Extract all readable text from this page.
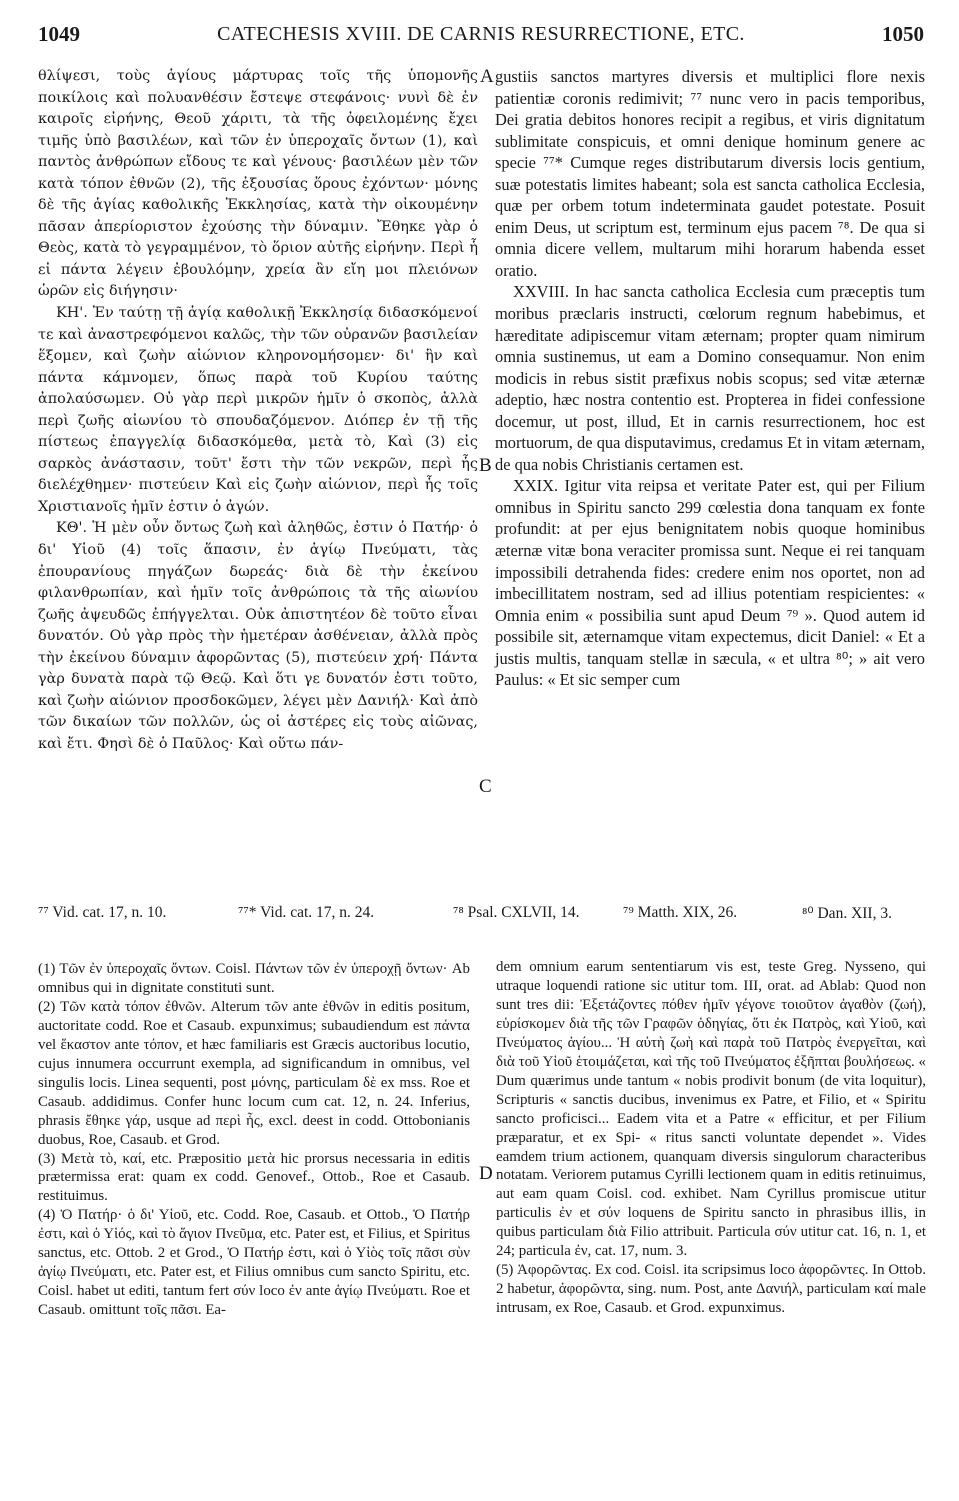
1049	CATECHESIS XVIII. DE CARNIS RESURRECTIONE, ETC.	1050

θλίψεσι, τοὺς ἁγίους μάρτυρας τοῖς τῆς ὑπομονῆς ποικίλοις καὶ πολυανθέσιν ἔστεψε στεφάνοις· νυνὶ δὲ ἐν καιροῖς εἰρήνης, Θεοῦ χάριτι, τὰ τῆς ὀφειλομένης ἔχει τιμῆς ὑπὸ βασιλέων, καὶ τῶν ἐν ὑπεροχαῖς ὄντων (1), καὶ παντὸς ἀνθρώπων εἴδους τε καὶ γένους· βασιλέων μὲν τῶν κατὰ τόπον ἐθνῶν (2), τῆς ἐξουσίας ὅρους ἐχόντων· μόνης δὲ τῆς ἁγίας καθολικῆς Ἐκκλησίας, κατὰ τὴν οἰκουμένην πᾶσαν ἀπερίοριστον ἐχούσης τὴν δύναμιν. Ἔθηκε γὰρ ὁ Θεὸς, κατὰ τὸ γεγραμμένον, τὸ ὅριον αὐτῆς εἰρήνην. Περὶ ἧ εἰ πάντα λέγειν ἐβουλόμην, χρεία ἂν εἴη μοι πλειόνων ὡρῶν εἰς διήγησιν·

ΚΗ'. Ἐν ταύτῃ τῇ ἁγίᾳ καθολικῇ Ἐκκλησίᾳ διδασκόμενοί τε καὶ ἀναστρεφόμενοι καλῶς, τὴν τῶν οὐρανῶν βασιλείαν ἕξομεν, καὶ ζωὴν αἰώνιον κληρονομήσομεν· δι' ἣν καὶ πάντα κάμνομεν, ὅπως παρὰ τοῦ Κυρίου ταύτης ἀπολαύσωμεν. Οὐ γὰρ περὶ μικρῶν ἡμῖν ὁ σκοπὸς, ἀλλὰ περὶ ζωῆς αἰωνίου τὸ σπουδαζόμενον. Διόπερ ἐν τῇ τῆς πίστεως ἐπαγγελίᾳ διδασκόμεθα, μετὰ τὸ, Καὶ (3) εἰς σαρκὸς ἀνάστασιν, τοῦτ' ἔστι τὴν τῶν νεκρῶν, περὶ ἧς διελέχθημεν· πιστεύειν Καὶ εἰς ζωὴν αἰώνιον, περὶ ἧς τοῖς Χριστιανοῖς ἡμῖν ἐστιν ὁ ἀγών.

ΚΘ'. Ἡ μὲν οὖν ὄντως ζωὴ καὶ ἀληθῶς, ἐστιν ὁ Πατήρ· ὁ δι' Υἱοῦ (4) τοῖς ἅπασιν, ἐν ἁγίῳ Πνεύματι, τὰς ἐπουρανίους πηγάζων δωρεάς· διὰ δὲ τὴν ἐκείνου φιλανθρωπίαν, καὶ ἡμῖν τοῖς ἀνθρώποις τὰ τῆς αἰωνίου ζωῆς ἀψευδῶς ἐπήγγελται. Οὐκ ἀπιστητέον δὲ τοῦτο εἶναι δυνατόν. Οὐ γὰρ πρὸς τὴν ἡμετέραν ἀσθένειαν, ἀλλὰ πρὸς τὴν ἐκείνου δύναμιν ἀφορῶντας (5), πιστεύειν χρή· Πάντα γὰρ δυνατὰ παρὰ τῷ Θεῷ. Καὶ ὅτι γε δυνατόν ἐστι τοῦτο, καὶ ζωὴν αἰώνιον προσδοκῶμεν, λέγει μὲν Δανιήλ· Καὶ ἀπὸ τῶν δικαίων τῶν πολλῶν, ὡς οἱ ἀστέρες εἰς τοὺς αἰῶνας, καὶ ἔτι. Φησὶ δὲ ὁ Παῦλος· Καὶ οὕτω πάν-

A
B
C
D

gustiis sanctos martyres diversis et multiplici flore nexis patientiæ coronis redimivit; ⁷⁷ nunc vero in pacis temporibus, Dei gratia debitos honores recipit a regibus, et viris dignitatum sublimitate conspicuis, et omni denique hominum genere ac specie ⁷⁷* Cumque reges distributarum diversis locis gentium, suæ potestatis limites habeant; sola est sancta catholica Ecclesia, quæ per orbem totum indeterminata gaudet potestate. Posuit enim Deus, ut scriptum est, terminum ejus pacem ⁷⁸. De qua si omnia dicere vellem, multarum mihi horarum habenda esset oratio.

XXVIII. In hac sancta catholica Ecclesia cum præceptis tum moribus præclaris instructi, cœlorum regnum habebimus, et hæreditate adipiscemur vitam æternam; propter quam nimirum omnia sustinemus, ut eam a Domino consequamur. Non enim modicis in rebus sistit præfixus nobis scopus; sed vitæ æternæ adeptio, hæc nostra contentio est. Propterea in fidei confessione docemur, ut post, illud, Et in carnis resurrectionem, hoc est mortuorum, de qua disputavimus, credamus Et in vitam æternam, de qua nobis Christianis certamen est.

XXIX. Igitur vita reipsa et veritate Pater est, qui per Filium omnibus in Spiritu sancto 299 cœlestia dona tanquam ex fonte profundit: at per ejus benignitatem nobis quoque hominibus æternæ vitæ bona veraciter promissa sunt. Neque ei rei tanquam impossibili detrahenda fides: credere enim nos oportet, non ad imbecillitatem nostram, sed ad illius potentiam respicientes: « Omnia enim « possibilia sunt apud Deum ⁷⁹ ». Quod autem id possibile sit, æternamque vitam expectemus, dicit Daniel: « Et a justis multis, tanquam stellæ in sæcula, « et ultra ⁸⁰; » ait vero Paulus: « Et sic semper cum

⁷⁷ Vid. cat. 17, n. 10.	⁷⁷* Vid. cat. 17, n. 24.	⁷⁸ Psal. CXLVII, 14.	⁷⁹ Matth. XIX, 26.	⁸⁰ Dan. XII, 3.

(1) Τῶν ἐν ὑπεροχαῖς ὄντων. Coisl. Πάντων τῶν ἐν ὑπεροχῇ ὄντων· Ab omnibus qui in dignitate constituti sunt.

(2) Τῶν κατὰ τόπον ἐθνῶν. Alterum τῶν ante ἐθνῶν in editis positum, auctoritate codd. Roe et Casaub. expunximus; subaudiendum est πάντα vel ἕκαστον ante τόπον, et hæc familiaris est Græcis auctoribus locutio, cujus innumera occurrunt exempla, ad significandum in omnibus, vel singulis locis. Linea sequenti, post μόνης, particulam δὲ ex mss. Roe et Casaub. addidimus. Confer hunc locum cum cat. 12, n. 24. Inferius, phrasis ἔθηκε γάρ, usque ad περὶ ἧς, excl. deest in codd. Ottobonianis duobus, Roe, Casaub. et Grod.

(3) Μετὰ τὸ, καί, etc. Præpositio μετὰ hic prorsus necessaria in editis prætermissa erat: quam ex codd. Genovef., Ottob., Roe et Casaub. restituimus.

(4) Ὁ Πατήρ· ὁ δι' Υἱοῦ, etc. Codd. Roe, Casaub. et Ottob., Ὁ Πατήρ ἐστι, καὶ ὁ Υἱός, καὶ τὸ ἅγιον Πνεῦμα, etc. Pater est, et Filius, et Spiritus sanctus, etc. Ottob. 2 et Grod., Ὁ Πατήρ ἐστι, καὶ ὁ Υἱὸς τοῖς πᾶσι σὺν ἁγίῳ Πνεύματι, etc. Pater est, et Filius omnibus cum sancto Spiritu, etc. Coisl. habet ut editi, tantum fert σύν loco ἐν ante ἁγίῳ Πνεύματι. Roe et Casaub. omittunt τοῖς πᾶσι. Ea-

dem omnium earum sententiarum vis est, teste Greg. Nysseno, qui utraque loquendi ratione sic utitur tom. III, orat. ad Ablab: Quod non sunt tres dii: Ἐξετάζοντες πόθεν ἡμῖν γέγονε τοιοῦτον ἀγαθὸν (ζωή), εὑρίσκομεν διὰ τῆς τῶν Γραφῶν ὁδηγίας, ὅτι ἐκ Πατρὸς, καὶ Υἱοῦ, καὶ Πνεύματος ἁγίου... Ἡ αὐτὴ ζωὴ καὶ παρὰ τοῦ Πατρὸς ἐνεργεῖται, καὶ διὰ τοῦ Υἱοῦ ἑτοιμάζεται, καὶ τῆς τοῦ Πνεύματος ἐξῆπται βουλήσεως. « Dum quærimus unde tantum « nobis prodivit bonum (de vita loquitur), Scripturis « sanctis ducibus, invenimus ex Patre, et Filio, et « Spiritu sancto proficisci... Eadem vita et a Patre « efficitur, et per Filium præparatur, et ex Spi- « ritus sancti voluntate dependet ». Vides eamdem trium actionem, quanquam diversis singulorum characteribus notatam. Veriorem putamus Cyrilli lectionem quam in editis retinuimus, aut eam quam Coisl. cod. exhibet. Nam Cyrillus promiscue utitur particulis ἐν et σύν loquens de Spiritu sancto in phrasibus illis, in quibus particulam διὰ Filio attribuit. Particula σύν utitur cat. 16, n. 1, et 24; particula ἐν, cat. 17, num. 3.

(5) Ἀφορῶντας. Ex cod. Coisl. ita scripsimus loco ἀφορῶντες. In Ottob. 2 habetur, ἀφορῶντα, sing. num. Post, ante Δανιήλ, particulam καί male intrusam, ex Roe, Casaub. et Grod. expunximus.
